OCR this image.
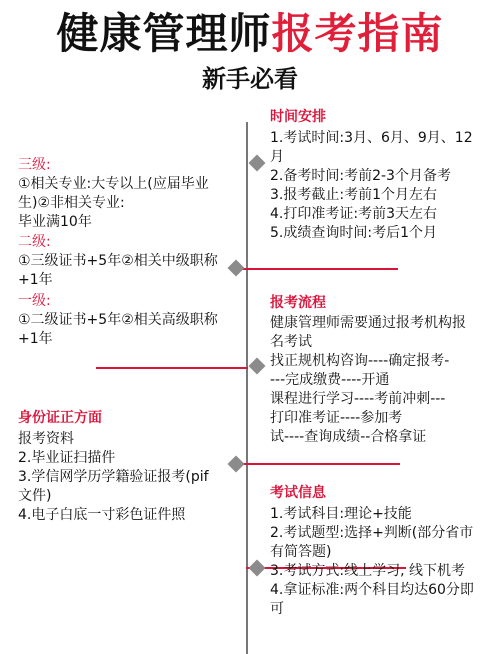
健康管理师报考指南
新手必看
时间安排
1.考试时间:3月、6月、9月、12
月
2.备考时间:考前2-3个月备考
3.报考截止:考前1个月左右
4.打印准考证:考前3天左右
5.成绩查询时间:考后1个月
三级:
①相关专业:大专以上(应届毕业
生)②非相关专业:
毕业满10年
二级:
①三级证书+5年②相关中级职称
+1年
一级:
①二级证书+5年②相关高级职称
+1年
报考流程
健康管理师需要通过报考机构报
名考试
找正规机构咨询----确定报考-
---完成缴费----开通
课程进行学习----考前冲刺---
打印准考证----参加考
试----查询成绩--合格拿证
身份证正方面
报考资料
2.毕业证扫描件
3.学信网学历学籍验证报考(pif
文件)
4.电子白底一寸彩色证件照
考试信息
1.考试科目:理论+技能
2.考试题型:选择+判断(部分省市
有简答题)
3.考试方式:线上学习, 线下机考
4.拿证标准:两个科目均达60分即
可
